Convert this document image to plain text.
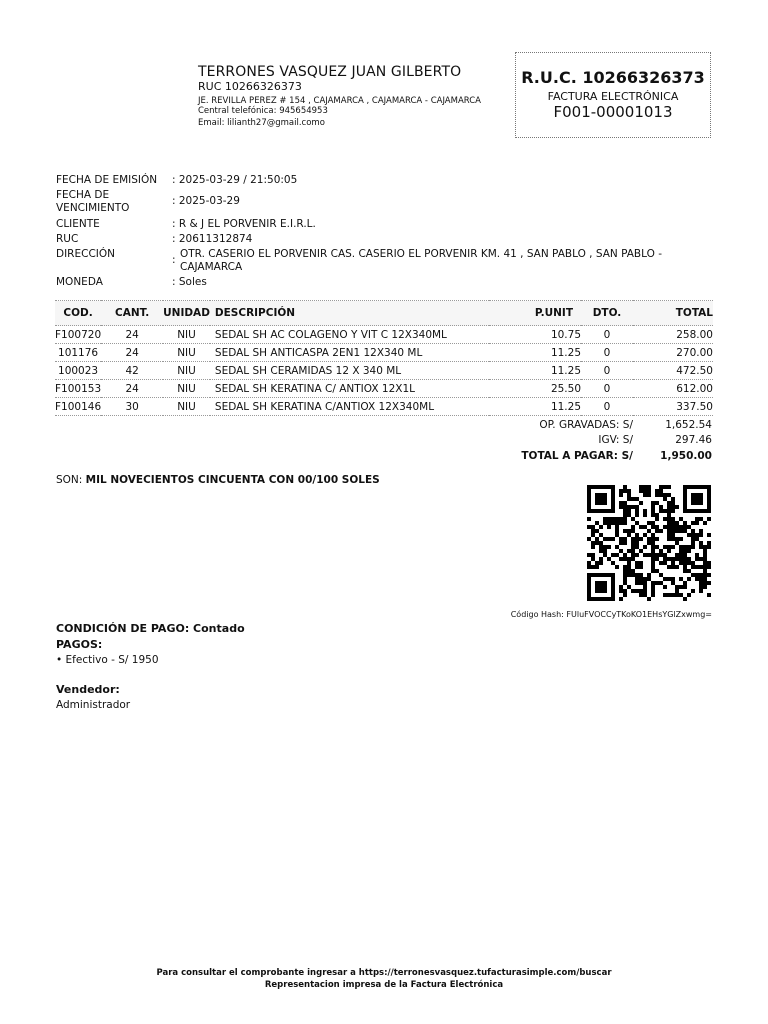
TERRONES VASQUEZ JUAN GILBERTO
RUC 10266326373
JE. REVILLA PEREZ # 154 , CAJAMARCA , CAJAMARCA - CAJAMARCA
Central telefónica: 945654953
Email: lilianth27@gmail.como
R.U.C. 10266326373
FACTURA ELECTRÓNICA
F001-00001013
FECHA DE EMISIÓN : 2025-03-29 / 21:50:05
FECHA DE
VENCIMIENTO
: 2025-03-29
CLIENTE	: R & J EL PORVENIR E.I.R.L.
RUC	: 20611312874
DIRECCIÓN	: OTR. CASERIO EL PORVENIR CAS. CASERIO EL PORVENIR KM. 41 , SAN PABLO , SAN PABLO -
CAJAMARCA
MONEDA	: Soles
COD.	CANT.	UNIDAD	DESCRIPCIÓN	P.UNIT	DTO.	TOTAL
F100720	24	NIU	SEDAL SH AC COLAGENO Y VIT C 12X340ML	10.75	0	258.00
101176	24	NIU	SEDAL SH ANTICASPA 2EN1 12X340 ML	11.25	0	270.00
100023	42	NIU	SEDAL SH CERAMIDAS 12 X 340 ML	11.25	0	472.50
F100153	24	NIU	SEDAL SH KERATINA C/ ANTIOX 12X1L	25.50	0	612.00
F100146	30	NIU	SEDAL SH KERATINA C/ANTIOX 12X340ML	11.25	0	337.50
OP. GRAVADAS: S/	1,652.54
IGV: S/	297.46
TOTAL A PAGAR: S/	1,950.00
SON: MIL NOVECIENTOS CINCUENTA CON 00/100 SOLES
Código Hash: FUluFVOCCyTKoKO1EHsYGlZxwmg=
CONDICIÓN DE PAGO: Contado
PAGOS:
• Efectivo - S/ 1950
Vendedor:
Administrador
Para consultar el comprobante ingresar a https://terronesvasquez.tufacturasimple.com/buscar
Representacion impresa de la Factura Electrónica
